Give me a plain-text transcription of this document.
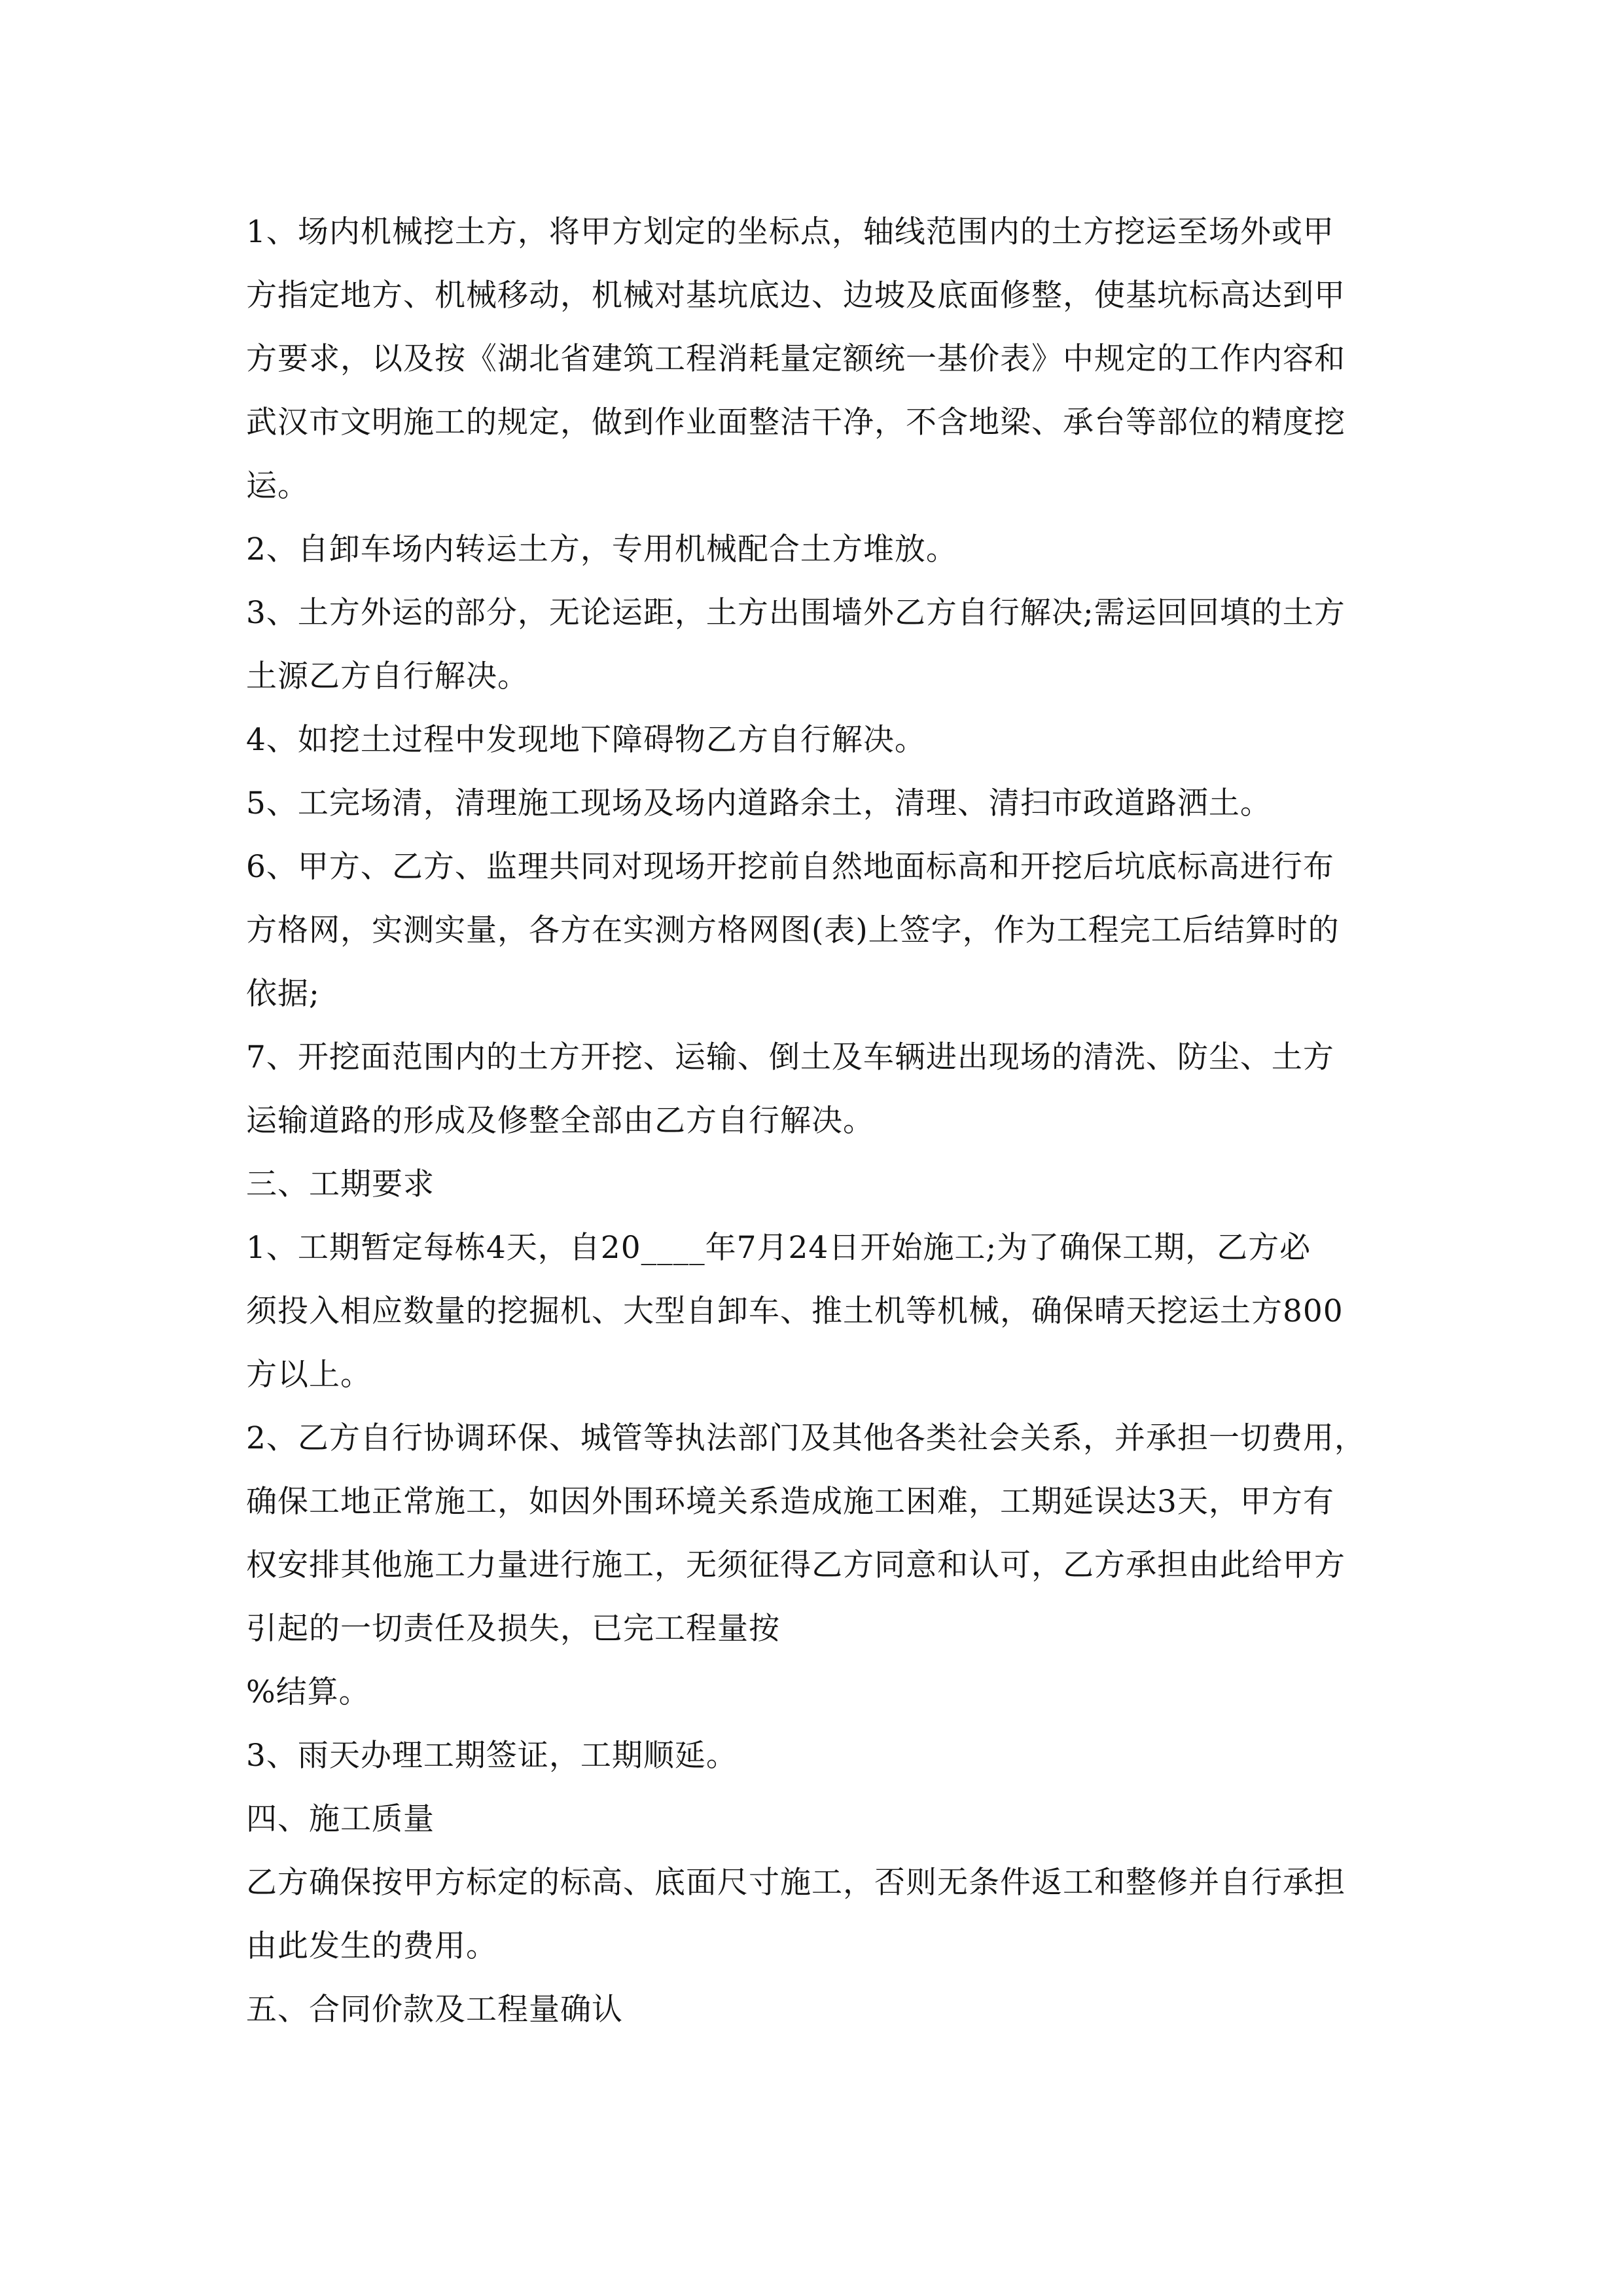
1、场内机械挖土方，将甲方划定的坐标点，轴线范围内的土方挖运至场外或甲
方指定地方、机械移动，机械对基坑底边、边坡及底面修整，使基坑标高达到甲
方要求，以及按《湖北省建筑工程消耗量定额统一基价表》中规定的工作内容和
武汉市文明施工的规定，做到作业面整洁干净，不含地梁、承台等部位的精度挖
运。
2、自卸车场内转运土方，专用机械配合土方堆放。
3、土方外运的部分，无论运距，土方出围墙外乙方自行解决;需运回回填的土方
土源乙方自行解决。
4、如挖土过程中发现地下障碍物乙方自行解决。
5、工完场清，清理施工现场及场内道路余土，清理、清扫市政道路洒土。
6、甲方、乙方、监理共同对现场开挖前自然地面标高和开挖后坑底标高进行布
方格网，实测实量，各方在实测方格网图(表)上签字，作为工程完工后结算时的
依据;
7、开挖面范围内的土方开挖、运输、倒土及车辆进出现场的清洗、防尘、土方
运输道路的形成及修整全部由乙方自行解决。
三、工期要求
1、工期暂定每栋4天，自20____年7月24日开始施工;为了确保工期，乙方必
须投入相应数量的挖掘机、大型自卸车、推土机等机械，确保晴天挖运土方800
方以上。
2、乙方自行协调环保、城管等执法部门及其他各类社会关系，并承担一切费用，
确保工地正常施工，如因外围环境关系造成施工困难，工期延误达3天，甲方有
权安排其他施工力量进行施工，无须征得乙方同意和认可，乙方承担由此给甲方
引起的一切责任及损失，已完工程量按
%结算。
3、雨天办理工期签证，工期顺延。
四、施工质量
乙方确保按甲方标定的标高、底面尺寸施工，否则无条件返工和整修并自行承担
由此发生的费用。
五、合同价款及工程量确认
